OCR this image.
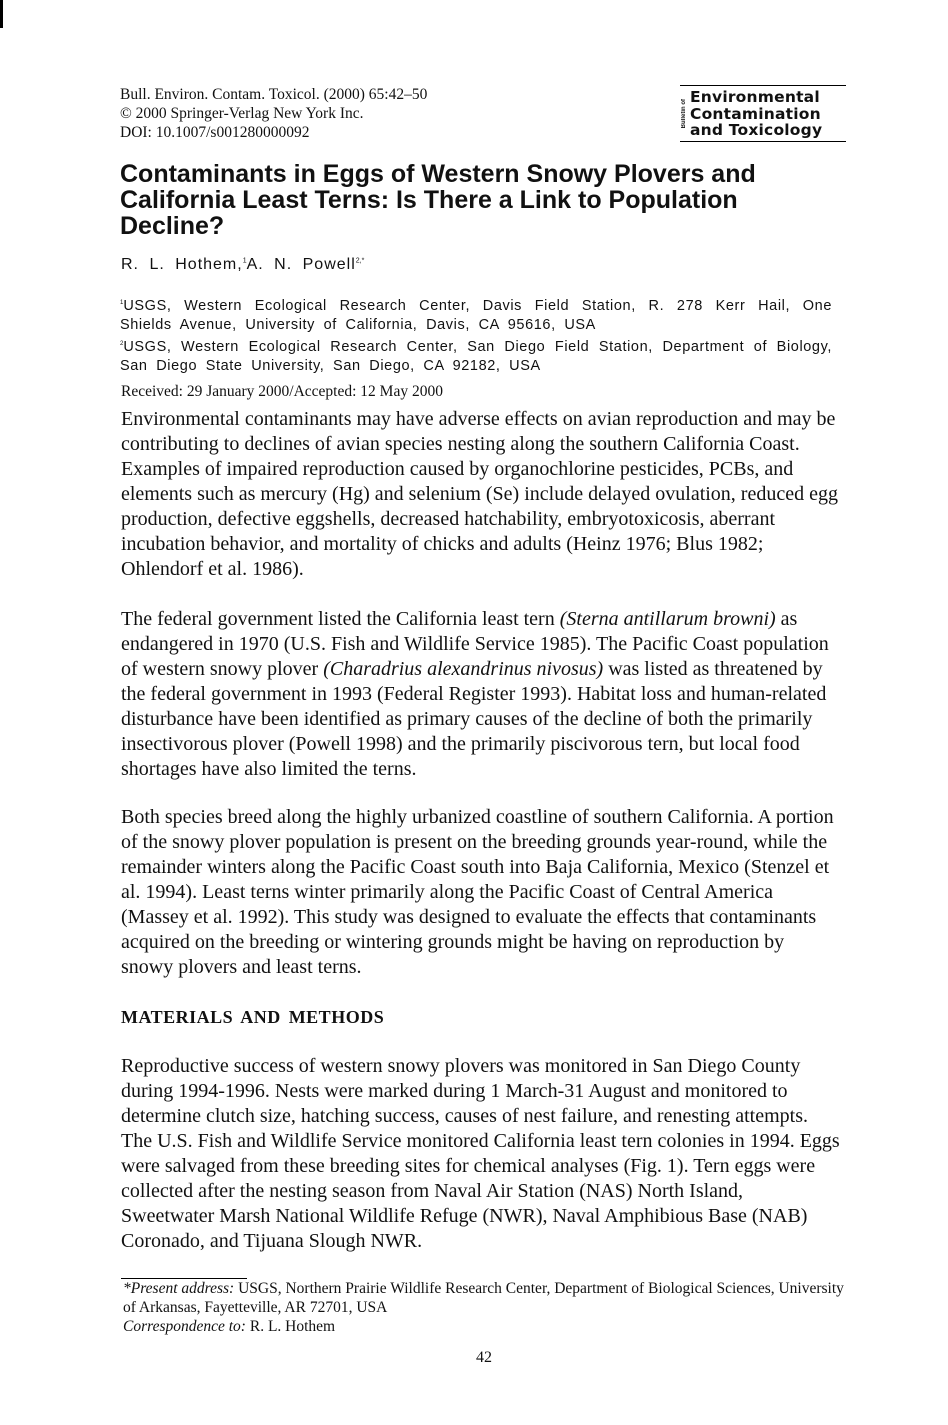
Bull. Environ. Contam. Toxicol. (2000) 65:42–50
© 2000 Springer-Verlag New York Inc.
DOI: 10.1007/s001280000092
Bulletin of
Environmental
Contamination
and Toxicology
Contaminants in Eggs of Western Snowy Plovers and California Least Terns: Is There a Link to Population Decline?
R. L. Hothem,$^1$A. N. Powell$^{2,*}$

$^1$USGS, Western Ecological Research Center, Davis Field Station, R. 278 Kerr Hail, One Shields Avenue, University of California, Davis, CA 95616, USA

$^2$USGS, Western Ecological Research Center, San Diego Field Station, Department of Biology, San Diego State University, San Diego, CA 92182, USA

Received: 29 January 2000/Accepted: 12 May 2000

Environmental contaminants may have adverse effects on avian reproduction and may be contributing to declines of avian species nesting along the southern California Coast. Examples of impaired reproduction caused by organochlorine pesticides, PCBs, and elements such as mercury (Hg) and selenium (Se) include delayed ovulation, reduced egg production, defective eggshells, decreased hatchability, embryotoxicosis, aberrant incubation behavior, and mortality of chicks and adults (Heinz 1976; Blus 1982; Ohlendorf et al. 1986).

The federal government listed the California least tern (Sterna antillarum browni) as endangered in 1970 (U.S. Fish and Wildlife Service 1985). The Pacific Coast population of western snowy plover (Charadrius alexandrinus nivosus) was listed as threatened by the federal government in 1993 (Federal Register 1993). Habitat loss and human-related disturbance have been identified as primary causes of the decline of both the primarily insectivorous plover (Powell 1998) and the primarily piscivorous tern, but local food shortages have also limited the terns.

Both species breed along the highly urbanized coastline of southern California. A portion of the snowy plover population is present on the breeding grounds year-round, while the remainder winters along the Pacific Coast south into Baja California, Mexico (Stenzel et al. 1994). Least terns winter primarily along the Pacific Coast of Central America (Massey et al. 1992). This study was designed to evaluate the effects that contaminants acquired on the breeding or wintering grounds might be having on reproduction by snowy plovers and least terns.

MATERIALS AND METHODS

Reproductive success of western snowy plovers was monitored in San Diego County during 1994-1996. Nests were marked during 1 March-31 August and monitored to determine clutch size, hatching success, causes of nest failure, and renesting attempts. The U.S. Fish and Wildlife Service monitored California least tern colonies in 1994. Eggs were salvaged from these breeding sites for chemical analyses (Fig. 1). Tern eggs were collected after the nesting season from Naval Air Station (NAS) North Island, Sweetwater Marsh National Wildlife Refuge (NWR), Naval Amphibious Base (NAB) Coronado, and Tijuana Slough NWR.

*Present address: USGS, Northern Prairie Wildlife Research Center, Department of Biological Sciences, University of Arkansas, Fayetteville, AR 72701, USA

Correspondence to: R. L. Hothem

42
